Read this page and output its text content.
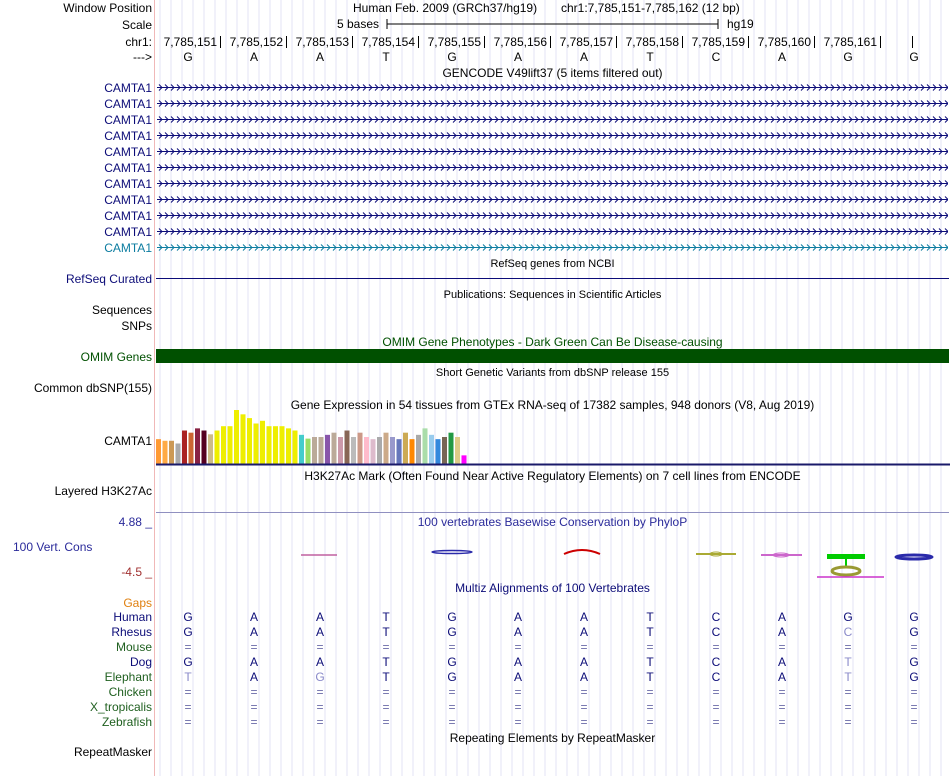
Window Position	Human Feb. 2009 (GRCh37/hg19) chr1:7,785,151-7,785,162 (12 bp)
Scale	5 bases	hg19
chr1: 7,785,151	7,785,152	7,785,153	7,785,154	7,785,155	7,785,156	7,785,157	7,785,158	7,785,159	7,785,160	7,785,161
--->	G	A	A	T	G	A	A	T	C	A	G	G
GENCODE V49lift37 (5 items filtered out)
CAMTA1
CAMTA1
CAMTA1
CAMTA1
CAMTA1
CAMTA1
CAMTA1
CAMTA1
CAMTA1
CAMTA1
CAMTA1
RefSeq genes from NCBI
RefSeq Curated
Publications: Sequences in Scientific Articles
Sequences
SNPs
OMIM Gene Phenotypes - Dark Green Can Be Disease-causing
OMIM Genes
Short Genetic Variants from dbSNP release 155
Common dbSNP(155)
Gene Expression in 54 tissues from GTEx RNA-seq of 17382 samples, 948 donors (V8, Aug 2019)
CAMTA1
H3K27Ac Mark (Often Found Near Active Regulatory Elements) on 7 cell lines from ENCODE
Layered H3K27Ac
100 vertebrates Basewise Conservation by PhyloP
4.88 _
100 Vert. Cons
-4.5 _
Multiz Alignments of 100 Vertebrates
Gaps
Human	G	A	A	T	G	A	A	T	C	A	G	G
Rhesus	G	A	A	T	G	A	A	T	C	A	C	G
Mouse	=	=	=	=	=	=	=	=	=	=	=	=
Dog	G	A	A	T	G	A	A	T	C	A	T	G
Elephant	T	A	G	T	G	A	A	T	C	A	T	G
Chicken	=	=	=	=	=	=	=	=	=	=	=	=
X_tropicalis	=	=	=	=	=	=	=	=	=	=	=	=
Zebrafish	=	=	=	=	=	=	=	=	=	=	=	=
Repeating Elements by RepeatMasker
RepeatMasker
